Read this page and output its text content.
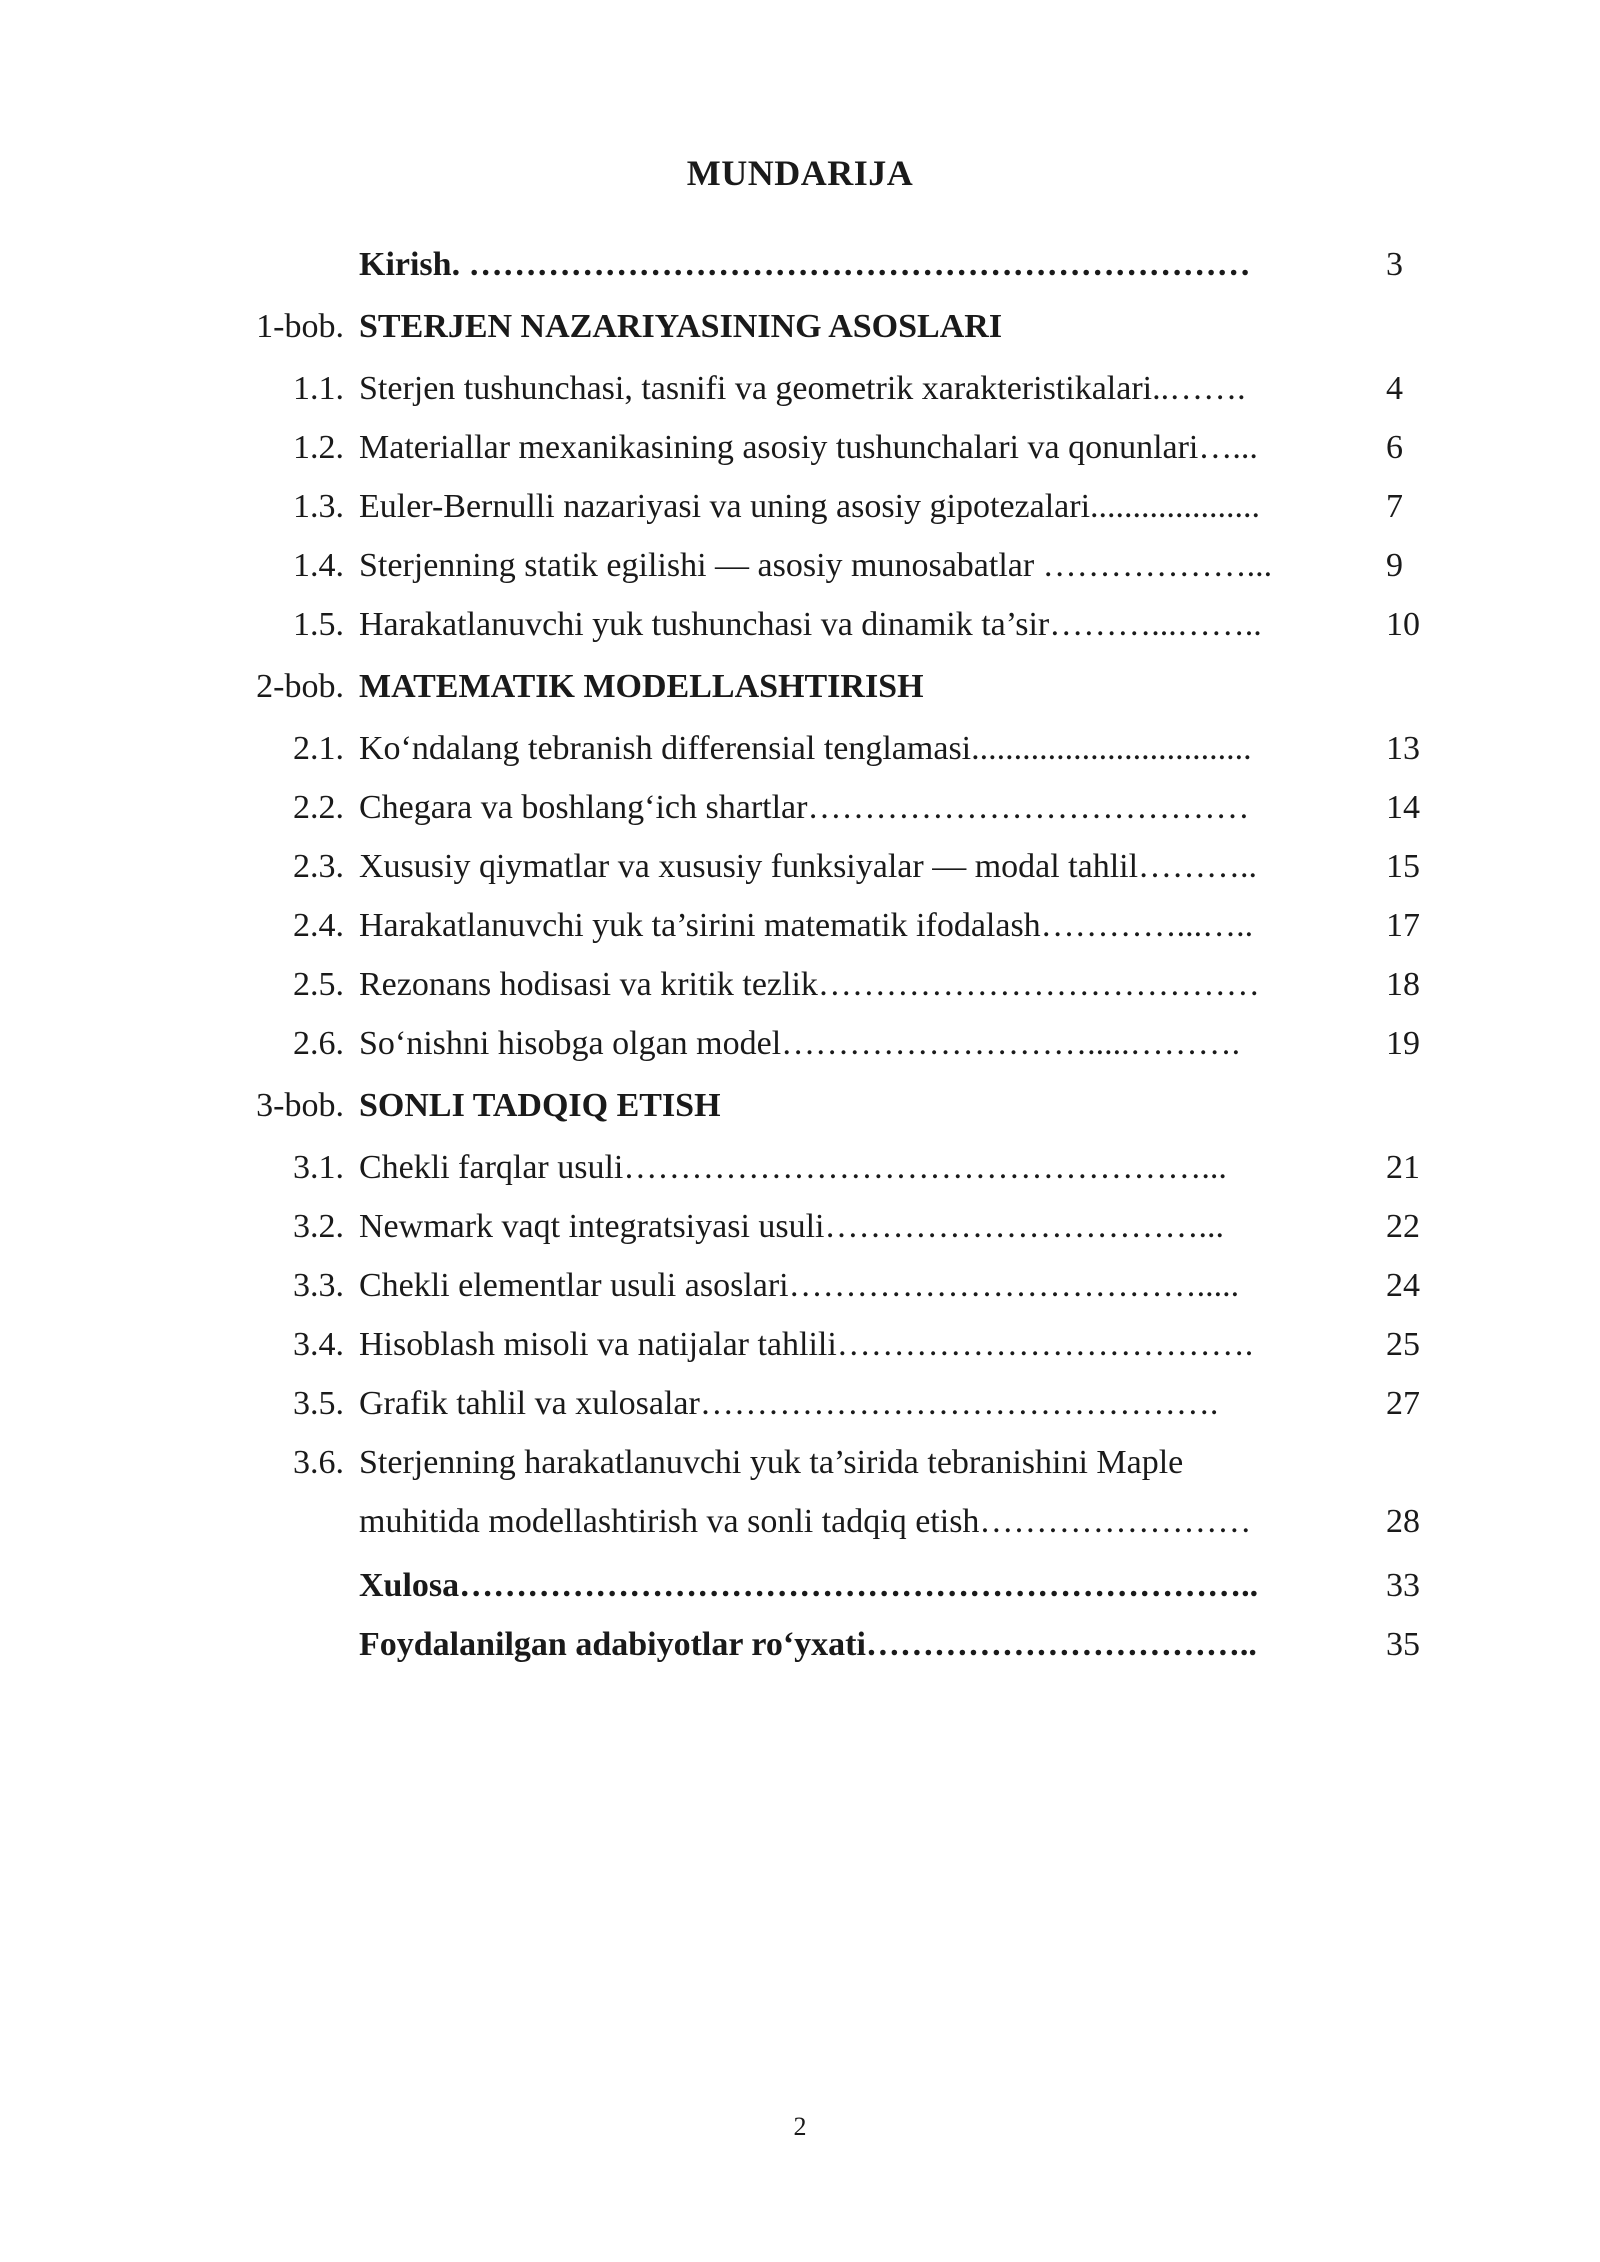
MUNDARIJA
Kirish. ……………………………………………………………	3
1-bob. STERJEN NAZARIYASINING ASOSLARI
1.1. Sterjen tushunchasi, tasnifi va geometrik xarakteristikalari..…….	4
1.2. Materiallar mexanikasining asosiy tushunchalari va qonunlari…...	6
1.3. Euler-Bernulli nazariyasi va uning asosiy gipotezalari....................	7
1.4. Sterjenning statik egilishi — asosiy munosabatlar ………………...	9
1.5. Harakatlanuvchi yuk tushunchasi va dinamik ta’sir………...……..	10
2-bob. MATEMATIK MODELLASHTIRISH
2.1. Ko‘ndalang tebranish differensial tenglamasi.................................	13
2.2. Chegara va boshlang‘ich shartlar…………………………………	14
2.3. Xususiy qiymatlar va xususiy funksiyalar — modal tahlil………..	15
2.4. Harakatlanuvchi yuk ta’sirini matematik ifodalash…………...…..	17
2.5. Rezonans hodisasi va kritik tezlik…………………………………	18
2.6. So‘nishni hisobga olgan model……………………….....……….	19
3-bob. SONLI TADQIQ ETISH
3.1. Chekli farqlar usuli……………………………………………...	21
3.2. Newmark vaqt integratsiyasi usuli……………………………...	22
3.3. Chekli elementlar usuli asoslari……………………………….....	24
3.4. Hisoblash misoli va natijalar tahlili……………………………….	25
3.5. Grafik tahlil va xulosalar……………………………………….	27
3.6. Sterjenning harakatlanuvchi yuk ta’sirida tebranishini Maple
muhitida modellashtirish va sonli tadqiq etish……………………	28
Xulosa……………………………………………………………..	33
Foydalanilgan adabiyotlar ro‘yxati……………………………..	35
2
